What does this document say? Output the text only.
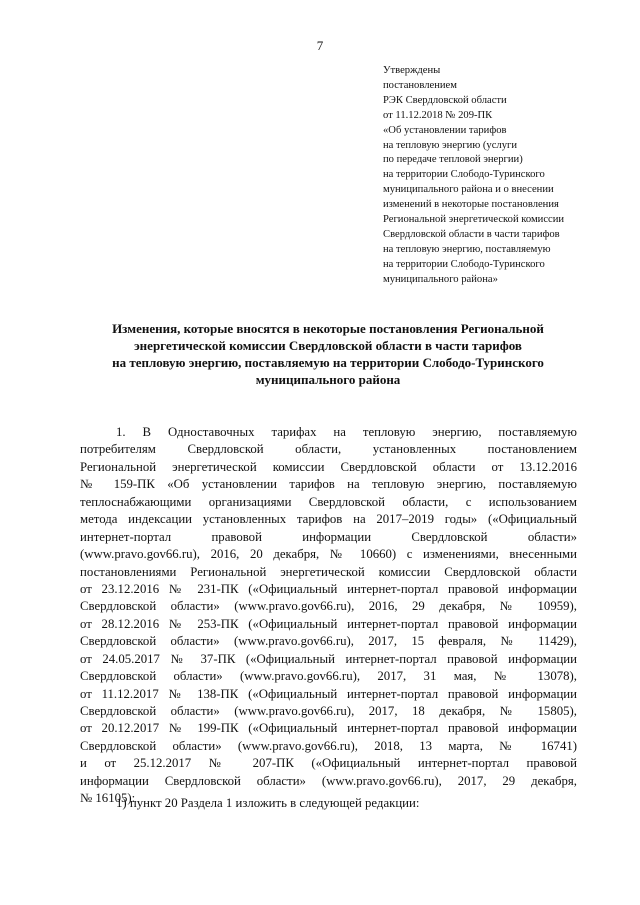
7
Утверждены
постановлением
РЭК Свердловской области
от 11.12.2018 № 209-ПК
«Об установлении тарифов
на тепловую энергию (услуги
по передаче тепловой энергии)
на территории Слободо-Туринского
муниципального района и о внесении
изменений в некоторые постановления
Региональной энергетической комиссии
Свердловской области в части тарифов
на тепловую энергию, поставляемую
на территории Слободо-Туринского
муниципального района»
Изменения, которые вносятся в некоторые постановления Региональной
энергетической комиссии Свердловской области в части тарифов
на тепловую энергию, поставляемую на территории Слободо-Туринского
муниципального района
1. В Одноставочных тарифах на тепловую энергию, поставляемую
потребителям Свердловской области, установленных постановлением
Региональной энергетической комиссии Свердловской области от 13.12.2016
№ 159-ПК «Об установлении тарифов на тепловую энергию, поставляемую
теплоснабжающими организациями Свердловской области, с использованием
метода индексации установленных тарифов на 2017–2019 годы» («Официальный
интернет-портал правовой информации Свердловской области»
(www.pravo.gov66.ru), 2016, 20 декабря, № 10660) с изменениями, внесенными
постановлениями Региональной энергетической комиссии Свердловской области
от 23.12.2016 № 231-ПК («Официальный интернет-портал правовой информации
Свердловской области» (www.pravo.gov66.ru), 2016, 29 декабря, № 10959),
от 28.12.2016 № 253-ПК («Официальный интернет-портал правовой информации
Свердловской области» (www.pravo.gov66.ru), 2017, 15 февраля, № 11429),
от 24.05.2017 № 37-ПК («Официальный интернет-портал правовой информации
Свердловской области» (www.pravo.gov66.ru), 2017, 31 мая, № 13078),
от 11.12.2017 № 138-ПК («Официальный интернет-портал правовой информации
Свердловской области» (www.pravo.gov66.ru), 2017, 18 декабря, № 15805),
от 20.12.2017 № 199-ПК («Официальный интернет-портал правовой информации
Свердловской области» (www.pravo.gov66.ru), 2018, 13 марта, № 16741)
и от 25.12.2017 № 207-ПК («Официальный интернет-портал правовой
информации Свердловской области» (www.pravo.gov66.ru), 2017, 29 декабря,
№ 16105):
1) пункт 20 Раздела 1 изложить в следующей редакции:
